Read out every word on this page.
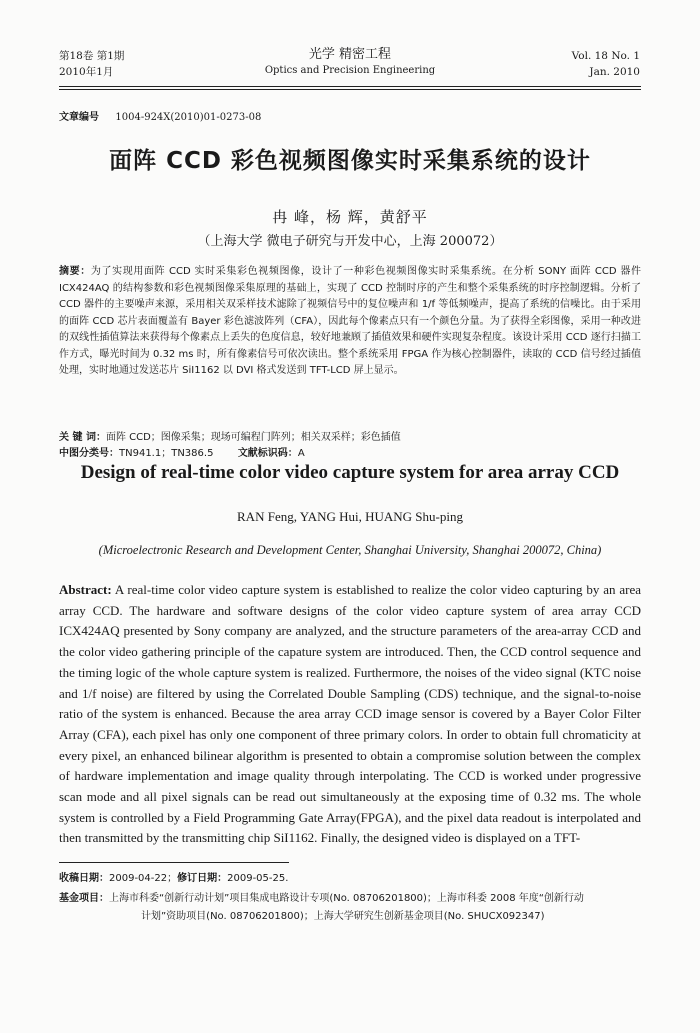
第18卷 第1期
2010年1月
光学 精密工程
Optics and Precision Engineering
Vol. 18 No. 1
Jan. 2010
文章编号 1004-924X(2010)01-0273-08
面阵 CCD 彩色视频图像实时采集系统的设计
冉 峰，杨 辉，黄舒平
（上海大学 微电子研究与开发中心，上海 200072）
摘要：为了实现用面阵 CCD 实时采集彩色视频图像，设计了一种彩色视频图像实时采集系统。在分析 SONY 面阵 CCD 器件 ICX424AQ 的结构参数和彩色视频图像采集原理的基础上，实现了 CCD 控制时序的产生和整个采集系统的时序控制逻辑。分析了 CCD 器件的主要噪声来源，采用相关双采样技术滤除了视频信号中的复位噪声和 1/f 等低频噪声，提高了系统的信噪比。由于采用的面阵 CCD 芯片表面覆盖有 Bayer 彩色滤波阵列（CFA），因此每个像素点只有一个颜色分量。为了获得全彩图像，采用一种改进的双线性插值算法来获得每个像素点上丢失的色度信息，较好地兼顾了插值效果和硬件实现复杂程度。该设计采用 CCD 逐行扫描工作方式，曝光时间为 0.32 ms 时，所有像素信号可依次读出。整个系统采用 FPGA 作为核心控制器件，读取的 CCD 信号经过插值处理，实时地通过发送芯片 SiI1162 以 DVI 格式发送到 TFT-LCD 屏上显示。
关 键 词：面阵 CCD；图像采集；现场可编程门阵列；相关双采样；彩色插值
中图分类号：TN941.1；TN386.5 文献标识码：A
Design of real-time color video capture system for area array CCD
RAN Feng, YANG Hui, HUANG Shu-ping
(Microelectronic Research and Development Center, Shanghai University, Shanghai 200072, China)
Abstract: A real-time color video capture system is established to realize the color video capturing by an area array CCD. The hardware and software designs of the color video capture system of area array CCD ICX424AQ presented by Sony company are analyzed, and the structure parameters of the area-array CCD and the color video gathering principle of the capature system are introduced. Then, the CCD control sequence and the timing logic of the whole capture system is realized. Furthermore, the noises of the video signal (KTC noise and 1/f noise) are filtered by using the Correlated Double Sampling (CDS) technique, and the signal-to-noise ratio of the system is enhanced. Because the area array CCD image sensor is covered by a Bayer Color Filter Array (CFA), each pixel has only one component of three primary colors. In order to obtain full chromaticity at every pixel, an enhanced bilinear algorithm is presented to obtain a compromise solution between the complex of hardware implementation and image quality through interpolating. The CCD is worked under progressive scan mode and all pixel signals can be read out simultaneously at the exposing time of 0.32 ms. The whole system is controlled by a Field Programming Gate Array(FPGA), and the pixel data readout is interpolated and then transmitted by the transmitting chip SiI1162. Finally, the designed video is displayed on a TFT-
收稿日期：2009-04-22；修订日期：2009-05-25.
基金项目：上海市科委“创新行动计划”项目集成电路设计专项(No. 08706201800)；上海市科委 2008 年度“创新行动
计划”资助项目(No. 08706201800)；上海大学研究生创新基金项目(No. SHUCX092347)
